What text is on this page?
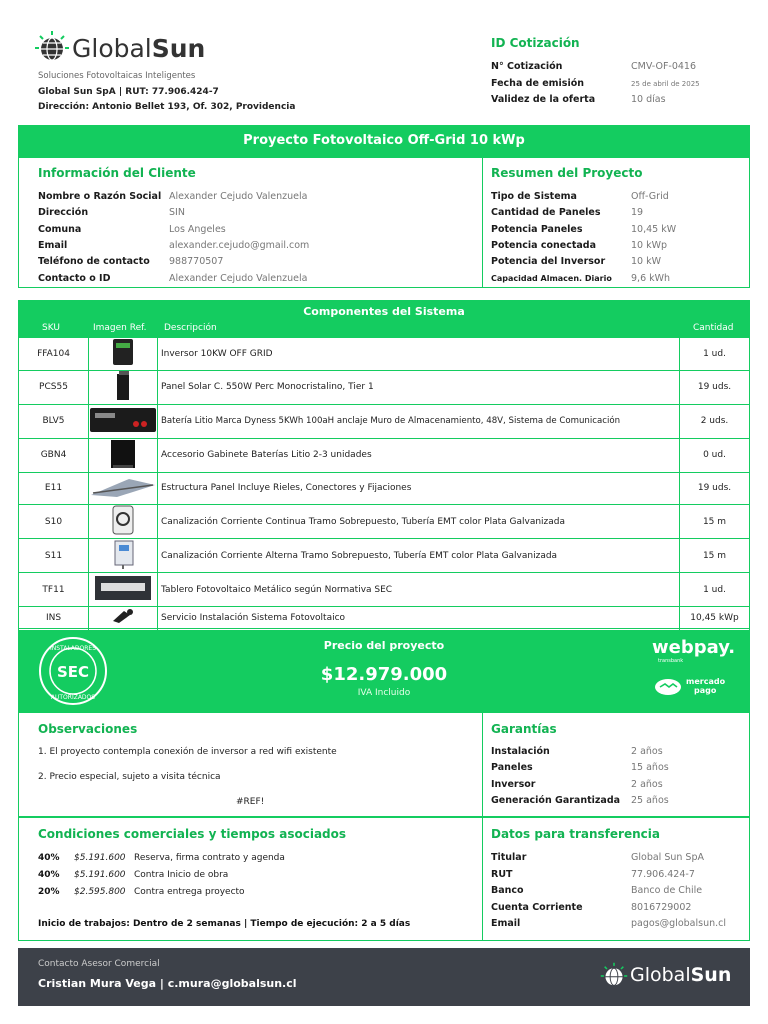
GlobalSun
Soluciones Fotovoltaicas Inteligentes
Global Sun SpA | RUT: 77.906.424-7
Dirección: Antonio Bellet 193, Of. 302, Providencia
ID Cotización
N° Cotización	CMV-OF-0416
Fecha de emisión	25 de abril de 2025
Validez de la oferta	10 días
Proyecto Fotovoltaico Off-Grid 10 kWp
Información del Cliente	Resumen del Proyecto
Nombre o Razón Social Alexander Cejudo Valenzuela
Dirección	SIN
Comuna	Los Angeles
Email	alexander.cejudo@gmail.com
Teléfono de contacto 988770507
Contacto o ID	Alexander Cejudo Valenzuela
Tipo de Sistema	Off-Grid
Cantidad de Paneles	19
Potencia Paneles	10,45 kW
Potencia conectada	10 kWp
Potencia del Inversor	10 kW
Capacidad Almacen. Diario 9,6 kWh
Componentes del Sistema
SKU	Imagen Ref. Descripción	Cantidad
FFA104		Inversor 10KW OFF GRID	1 ud.
PCS55		Panel Solar C. 550W Perc Monocristalino, Tier 1	19 uds.
BLV5		Batería Litio Marca Dyness 5KWh 100aH anclaje Muro de Almacenamiento, 48V, Sistema de Comunicación	2 uds.
GBN4		Accesorio Gabinete Baterías Litio 2-3 unidades	0 ud.
E11		Estructura Panel Incluye Rieles, Conectores y Fijaciones	19 uds.
S10		Canalización Corriente Continua Tramo Sobrepuesto, Tubería EMT color Plata Galvanizada	15 m
S11		Canalización Corriente Alterna Tramo Sobrepuesto, Tubería EMT color Plata Galvanizada	15 m
TF11		Tablero Fotovoltaico Metálico según Normativa SEC	1 ud.
INS		Servicio Instalación Sistema Fotovoltaico	10,45 kWp

INSTALADORES
SEC
AUTORIZADOS
Precio del proyecto
$12.979.000
IVA Incluido
webpay.
transbank
mercado
pago
Observaciones
1. El proyecto contempla conexión de inversor a red wifi existente
2. Precio especial, sujeto a visita técnica
#REF!
Garantías
Instalación	2 años
Paneles	15 años
Inversor	2 años
Generación Garantizada 25 años
Condiciones comerciales y tiempos asociados
40% $5.191.600 Reserva, firma contrato y agenda
40% $5.191.600 Contra Inicio de obra
20% $2.595.800 Contra entrega proyecto
Inicio de trabajos: Dentro de 2 semanas | Tiempo de ejecución: 2 a 5 días
Datos para transferencia
Titular	Global Sun SpA
RUT	77.906.424-7
Banco	Banco de Chile
Cuenta Corriente	8016729002
Email	pagos@globalsun.cl
Contacto Asesor Comercial
Cristian Mura Vega | c.mura@globalsun.cl	GlobalSun
